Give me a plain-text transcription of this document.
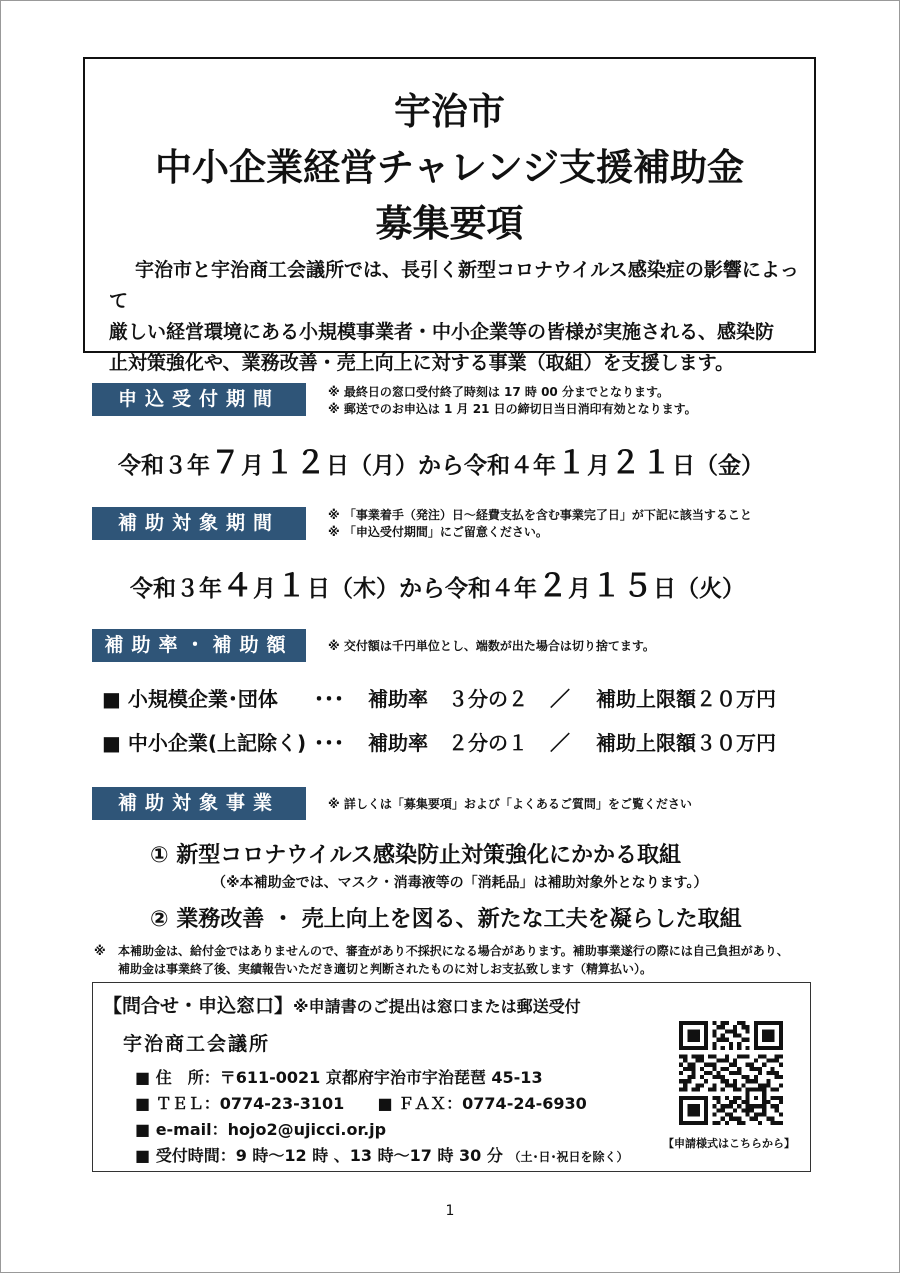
宇治市
中小企業経営チャレンジ支援補助金
募集要項
宇治市と宇治商工会議所では、長引く新型コロナウイルス感染症の影響によって
厳しい経営環境にある小規模事業者・中小企業等の皆様が実施される、感染防
止対策強化や、業務改善・売上向上に対する事業（取組）を支援します。
申込受付期間	※ 最終日の窓口受付終了時刻は 17 時 00 分までとなります。
※ 郵送でのお申込は 1 月 21 日の締切日当日消印有効となります。
令和３年７月１２日（月）から令和４年１月２１日（金）
補助対象期間	※ 「事業着手（発注）日～経費支払を含む事業完了日」が下記に該当すること
※ 「申込受付期間」にご留意ください。
令和３年４月１日（木）から令和４年２月１５日（火）
補助率・補助額	※ 交付額は千円単位とし、端数が出た場合は切り捨てます。
■ 小規模企業･団体 ･･･ 補助率　３分の２ ／ 補助上限額２０万円
■ 中小企業(上記除く) ･･･ 補助率　２分の１ ／ 補助上限額３０万円
補助対象事業	※ 詳しくは「募集要項」および「よくあるご質問」をご覧ください
① 新型コロナウイルス感染防止対策強化にかかる取組
（※本補助金では、マスク・消毒液等の「消耗品」は補助対象外となります。）
② 業務改善 ・ 売上向上を図る、新たな工夫を凝らした取組
※ 本補助金は、給付金ではありませんので、審査があり不採択になる場合があります。補助事業遂行の際には自己負担があり、
補助金は事業終了後、実績報告いただき適切と判断されたものに対しお支払致します（精算払い）。
【問合せ・申込窓口】※申請書のご提出は窓口または郵送受付
宇治商工会議所
■ 住　所：〒611-0021 京都府宇治市宇治琵琶 45-13
■ ＴＥＬ：0774-23-3101 ■ ＦＡＸ：0774-24-6930
■ e-mail：hojo2@ujicci.or.jp
■ 受付時間：9 時～12 時 、13 時～17 時 30 分 （土･日･祝日を除く）
【申請様式はこちらから】
1
